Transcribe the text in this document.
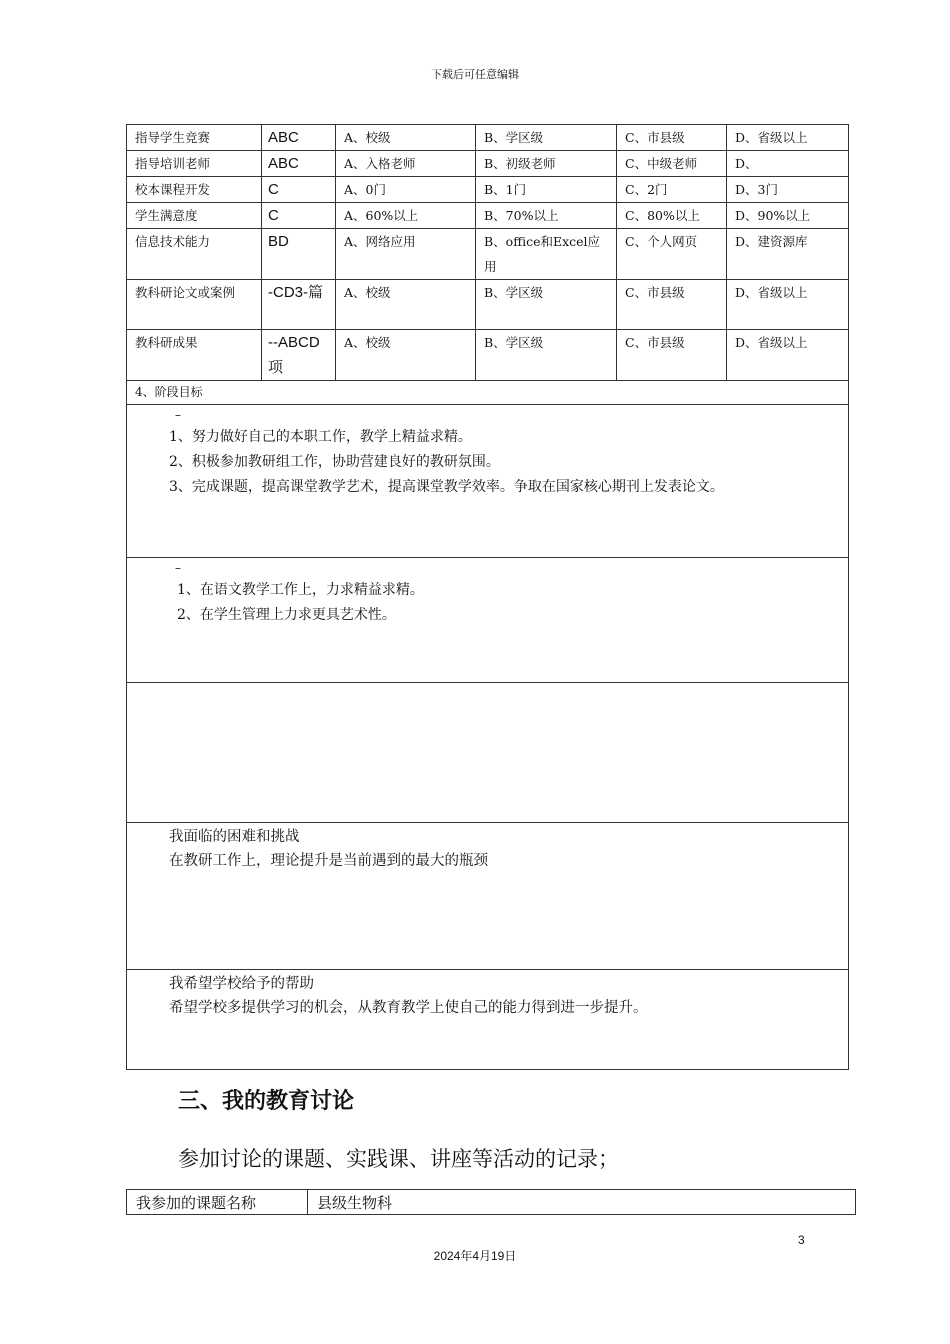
下载后可任意编辑
指导学生竞赛	ABC	A、校级	B、学区级	C、市县级	D、省级以上
指导培训老师	ABC	A、入格老师	B、初级老师	C、中级老师	D、
校本课程开发	C	A、0门	B、1门	C、2门	D、3门
学生满意度	C	A、60%以上	B、70%以上	C、80%以上	D、90%以上
信息技术能力	BD	A、网络应用	B、office和Excel应用	C、个人网页	D、建资源库
教科研论文或案例	-CD3-篇	A、校级	B、学区级	C、市县级	D、省级以上
教科研成果	--ABCD项	A、校级	B、学区级	C、市县级	D、省级以上
4、阶段目标					

–
1、努力做好自己的本职工作，教学上精益求精。
2、积极参加教研组工作，协助营建良好的教研氛围。
3、完成课题，提高课堂教学艺术，提高课堂教学效率。争取在国家核心期刊上发表论文。					

–
1、在语文教学工作上，力求精益求精。
2、在学生管理上力求更具艺术性。					

我面临的困难和挑战
在教研工作上，理论提升是当前遇到的最大的瓶颈					

我希望学校给予的帮助
希望学校多提供学习的机会，从教育教学上使自己的能力得到进一步提升。					
三、我的教育讨论
参加讨论的课题、实践课、讲座等活动的记录；
我参加的课题名称	县级生物科
3
2024年4月19日
